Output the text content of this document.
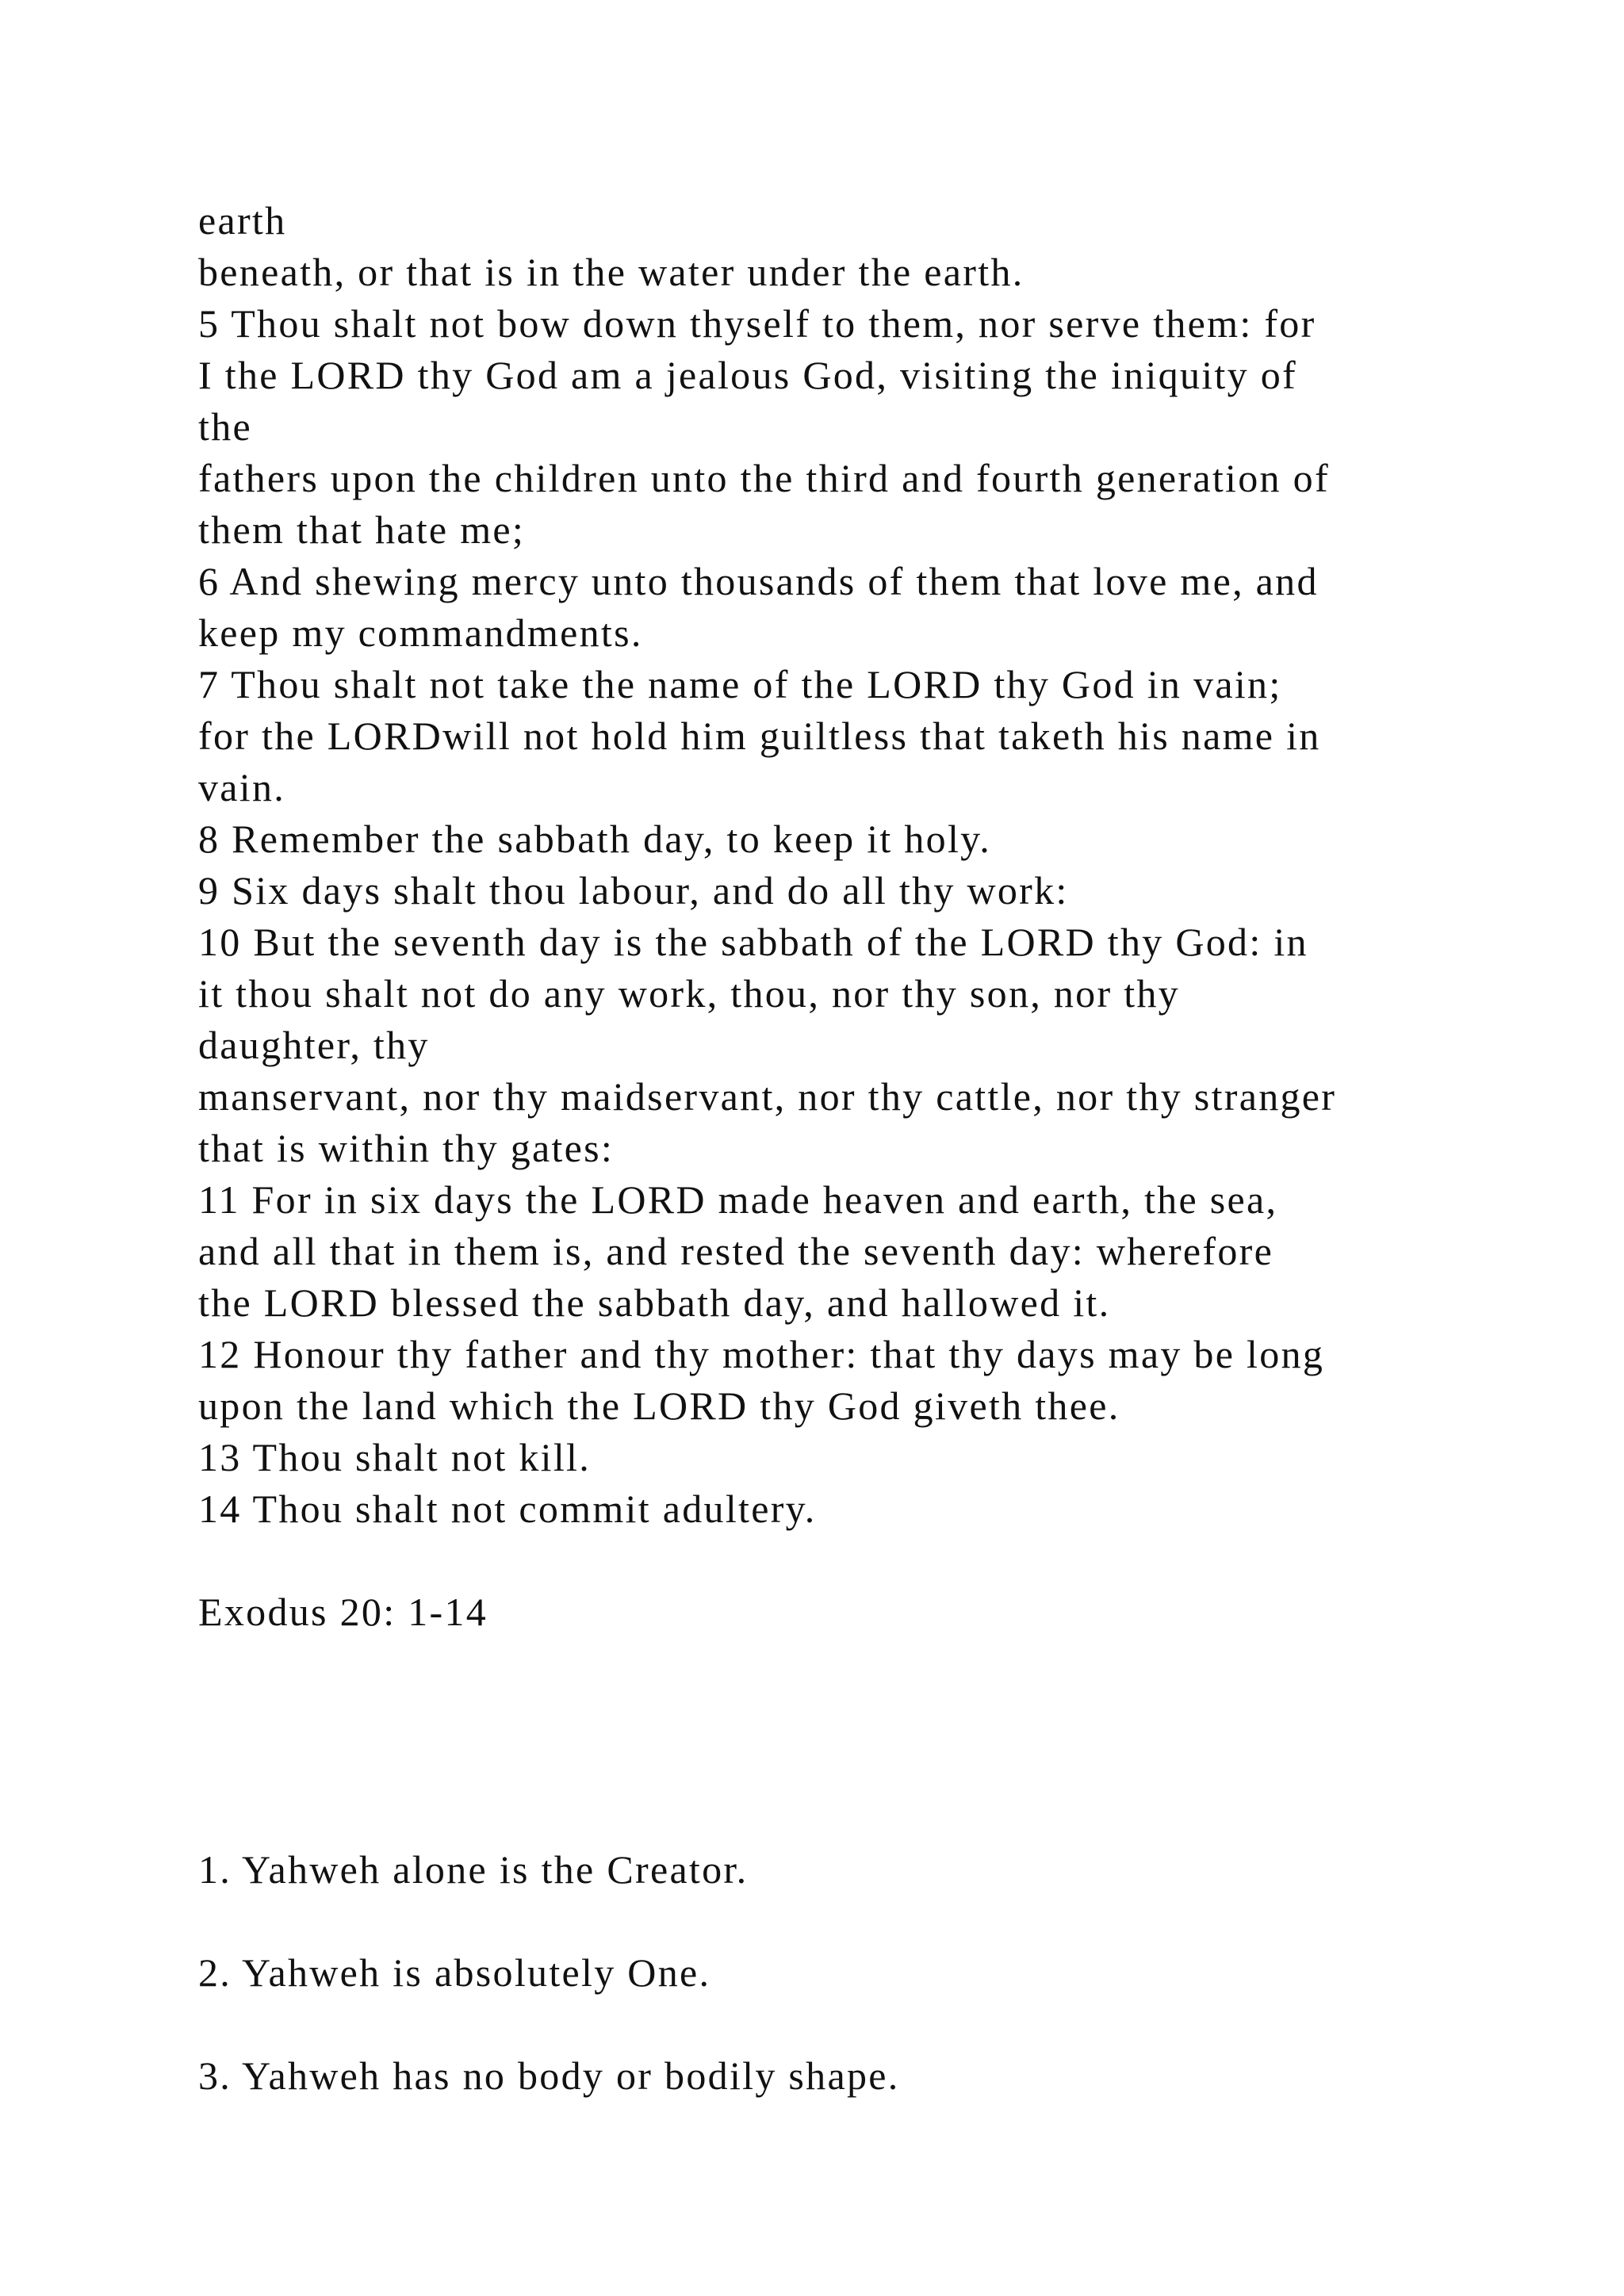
earth
beneath, or that is in the water under the earth.
5 Thou shalt not bow down thyself to them, nor serve them: for
I the LORD thy God am a jealous God, visiting the iniquity of
the
fathers upon the children unto the third and fourth generation of
them that hate me;
6 And shewing mercy unto thousands of them that love me, and
keep my commandments.
7 Thou shalt not take the name of the LORD thy God in vain;
for the LORDwill not hold him guiltless that taketh his name in
vain.
8 Remember the sabbath day, to keep it holy.
9 Six days shalt thou labour, and do all thy work:
10 But the seventh day is the sabbath of the LORD thy God: in
it thou shalt not do any work, thou, nor thy son, nor thy
daughter, thy
manservant, nor thy maidservant, nor thy cattle, nor thy stranger
that is within thy gates:
11 For in six days the LORD made heaven and earth, the sea,
and all that in them is, and rested the seventh day: wherefore
the LORD blessed the sabbath day, and hallowed it.
12 Honour thy father and thy mother: that thy days may be long
upon the land which the LORD thy God giveth thee.
13 Thou shalt not kill.
14 Thou shalt not commit adultery.
Exodus 20: 1-14
1. Yahweh alone is the Creator.
2. Yahweh is absolutely One.
3. Yahweh has no body or bodily shape.
